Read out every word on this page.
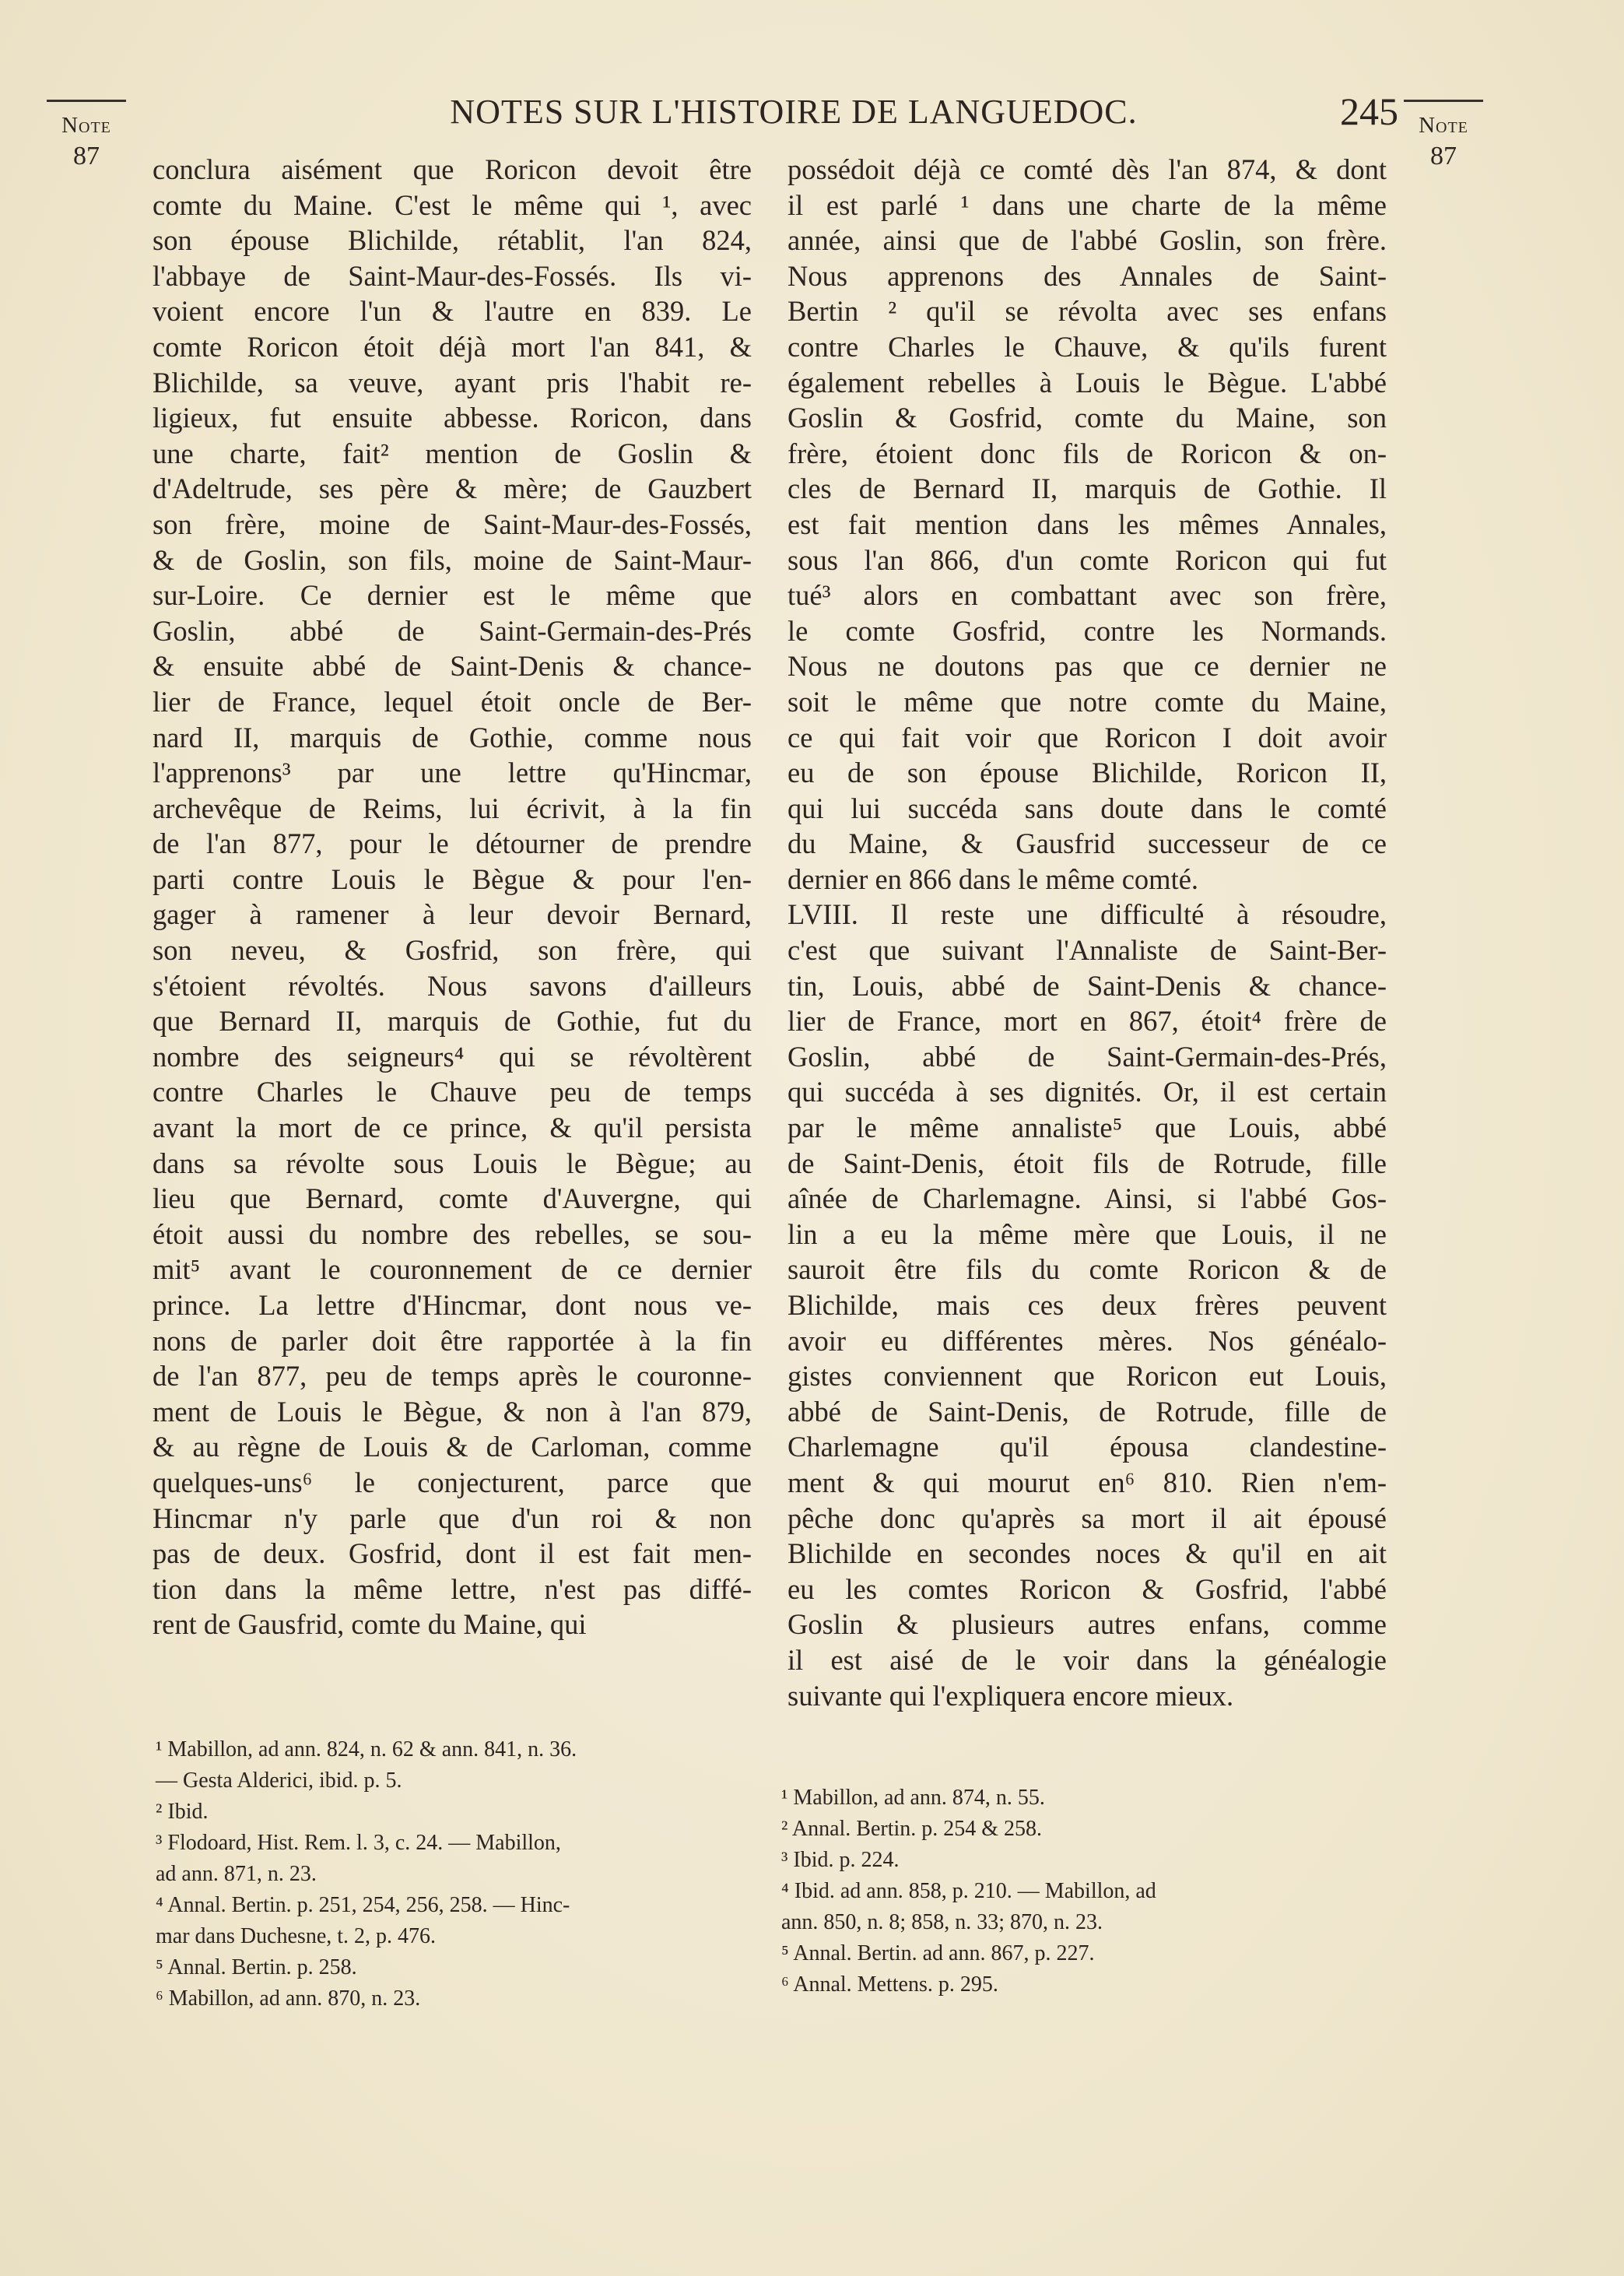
NOTES SUR L'HISTOIRE DE LANGUEDOC.	245
Note
87
Note
87
conclura aisément que Roricon devoit être
comte du Maine. C'est le même qui ¹, avec
son épouse Blichilde, rétablit, l'an 824,
l'abbaye de Saint-Maur-des-Fossés. Ils vi-
voient encore l'un & l'autre en 839. Le
comte Roricon étoit déjà mort l'an 841, &
Blichilde, sa veuve, ayant pris l'habit re-
ligieux, fut ensuite abbesse. Roricon, dans
une charte, fait² mention de Goslin &
d'Adeltrude, ses père & mère; de Gauzbert
son frère, moine de Saint-Maur-des-Fossés,
& de Goslin, son fils, moine de Saint-Maur-
sur-Loire. Ce dernier est le même que
Goslin, abbé de Saint-Germain-des-Prés
& ensuite abbé de Saint-Denis & chance-
lier de France, lequel étoit oncle de Ber-
nard II, marquis de Gothie, comme nous
l'apprenons³ par une lettre qu'Hincmar,
archevêque de Reims, lui écrivit, à la fin
de l'an 877, pour le détourner de prendre
parti contre Louis le Bègue & pour l'en-
gager à ramener à leur devoir Bernard,
son neveu, & Gosfrid, son frère, qui
s'étoient révoltés. Nous savons d'ailleurs
que Bernard II, marquis de Gothie, fut du
nombre des seigneurs⁴ qui se révoltèrent
contre Charles le Chauve peu de temps
avant la mort de ce prince, & qu'il persista
dans sa révolte sous Louis le Bègue; au
lieu que Bernard, comte d'Auvergne, qui
étoit aussi du nombre des rebelles, se sou-
mit⁵ avant le couronnement de ce dernier
prince. La lettre d'Hincmar, dont nous ve-
nons de parler doit être rapportée à la fin
de l'an 877, peu de temps après le couronne-
ment de Louis le Bègue, & non à l'an 879,
& au règne de Louis & de Carloman, comme
quelques-uns⁶ le conjecturent, parce que
Hincmar n'y parle que d'un roi & non
pas de deux. Gosfrid, dont il est fait men-
tion dans la même lettre, n'est pas diffé-
rent de Gausfrid, comte du Maine, qui
possédoit déjà ce comté dès l'an 874, & dont
il est parlé ¹ dans une charte de la même
année, ainsi que de l'abbé Goslin, son frère.
Nous apprenons des Annales de Saint-
Bertin ² qu'il se révolta avec ses enfans
contre Charles le Chauve, & qu'ils furent
également rebelles à Louis le Bègue. L'abbé
Goslin & Gosfrid, comte du Maine, son
frère, étoient donc fils de Roricon & on-
cles de Bernard II, marquis de Gothie. Il
est fait mention dans les mêmes Annales,
sous l'an 866, d'un comte Roricon qui fut
tué³ alors en combattant avec son frère,
le comte Gosfrid, contre les Normands.
Nous ne doutons pas que ce dernier ne
soit le même que notre comte du Maine,
ce qui fait voir que Roricon I doit avoir
eu de son épouse Blichilde, Roricon II,
qui lui succéda sans doute dans le comté
du Maine, & Gausfrid successeur de ce
dernier en 866 dans le même comté.
LVIII. Il reste une difficulté à résoudre,
c'est que suivant l'Annaliste de Saint-Ber-
tin, Louis, abbé de Saint-Denis & chance-
lier de France, mort en 867, étoit⁴ frère de
Goslin, abbé de Saint-Germain-des-Prés,
qui succéda à ses dignités. Or, il est certain
par le même annaliste⁵ que Louis, abbé
de Saint-Denis, étoit fils de Rotrude, fille
aînée de Charlemagne. Ainsi, si l'abbé Gos-
lin a eu la même mère que Louis, il ne
sauroit être fils du comte Roricon & de
Blichilde, mais ces deux frères peuvent
avoir eu différentes mères. Nos généalo-
gistes conviennent que Roricon eut Louis,
abbé de Saint-Denis, de Rotrude, fille de
Charlemagne qu'il épousa clandestine-
ment & qui mourut en⁶ 810. Rien n'em-
pêche donc qu'après sa mort il ait épousé
Blichilde en secondes noces & qu'il en ait
eu les comtes Roricon & Gosfrid, l'abbé
Goslin & plusieurs autres enfans, comme
il est aisé de le voir dans la généalogie
suivante qui l'expliquera encore mieux.
¹ Mabillon, ad ann. 824, n. 62 & ann. 841, n. 36.
— Gesta Alderici, ibid. p. 5.
² Ibid.
³ Flodoard, Hist. Rem. l. 3, c. 24. — Mabillon,
ad ann. 871, n. 23.
⁴ Annal. Bertin. p. 251, 254, 256, 258. — Hinc-
mar dans Duchesne, t. 2, p. 476.
⁵ Annal. Bertin. p. 258.
⁶ Mabillon, ad ann. 870, n. 23.
¹ Mabillon, ad ann. 874, n. 55.
² Annal. Bertin. p. 254 & 258.
³ Ibid. p. 224.
⁴ Ibid. ad ann. 858, p. 210. — Mabillon, ad
ann. 850, n. 8; 858, n. 33; 870, n. 23.
⁵ Annal. Bertin. ad ann. 867, p. 227.
⁶ Annal. Mettens. p. 295.
